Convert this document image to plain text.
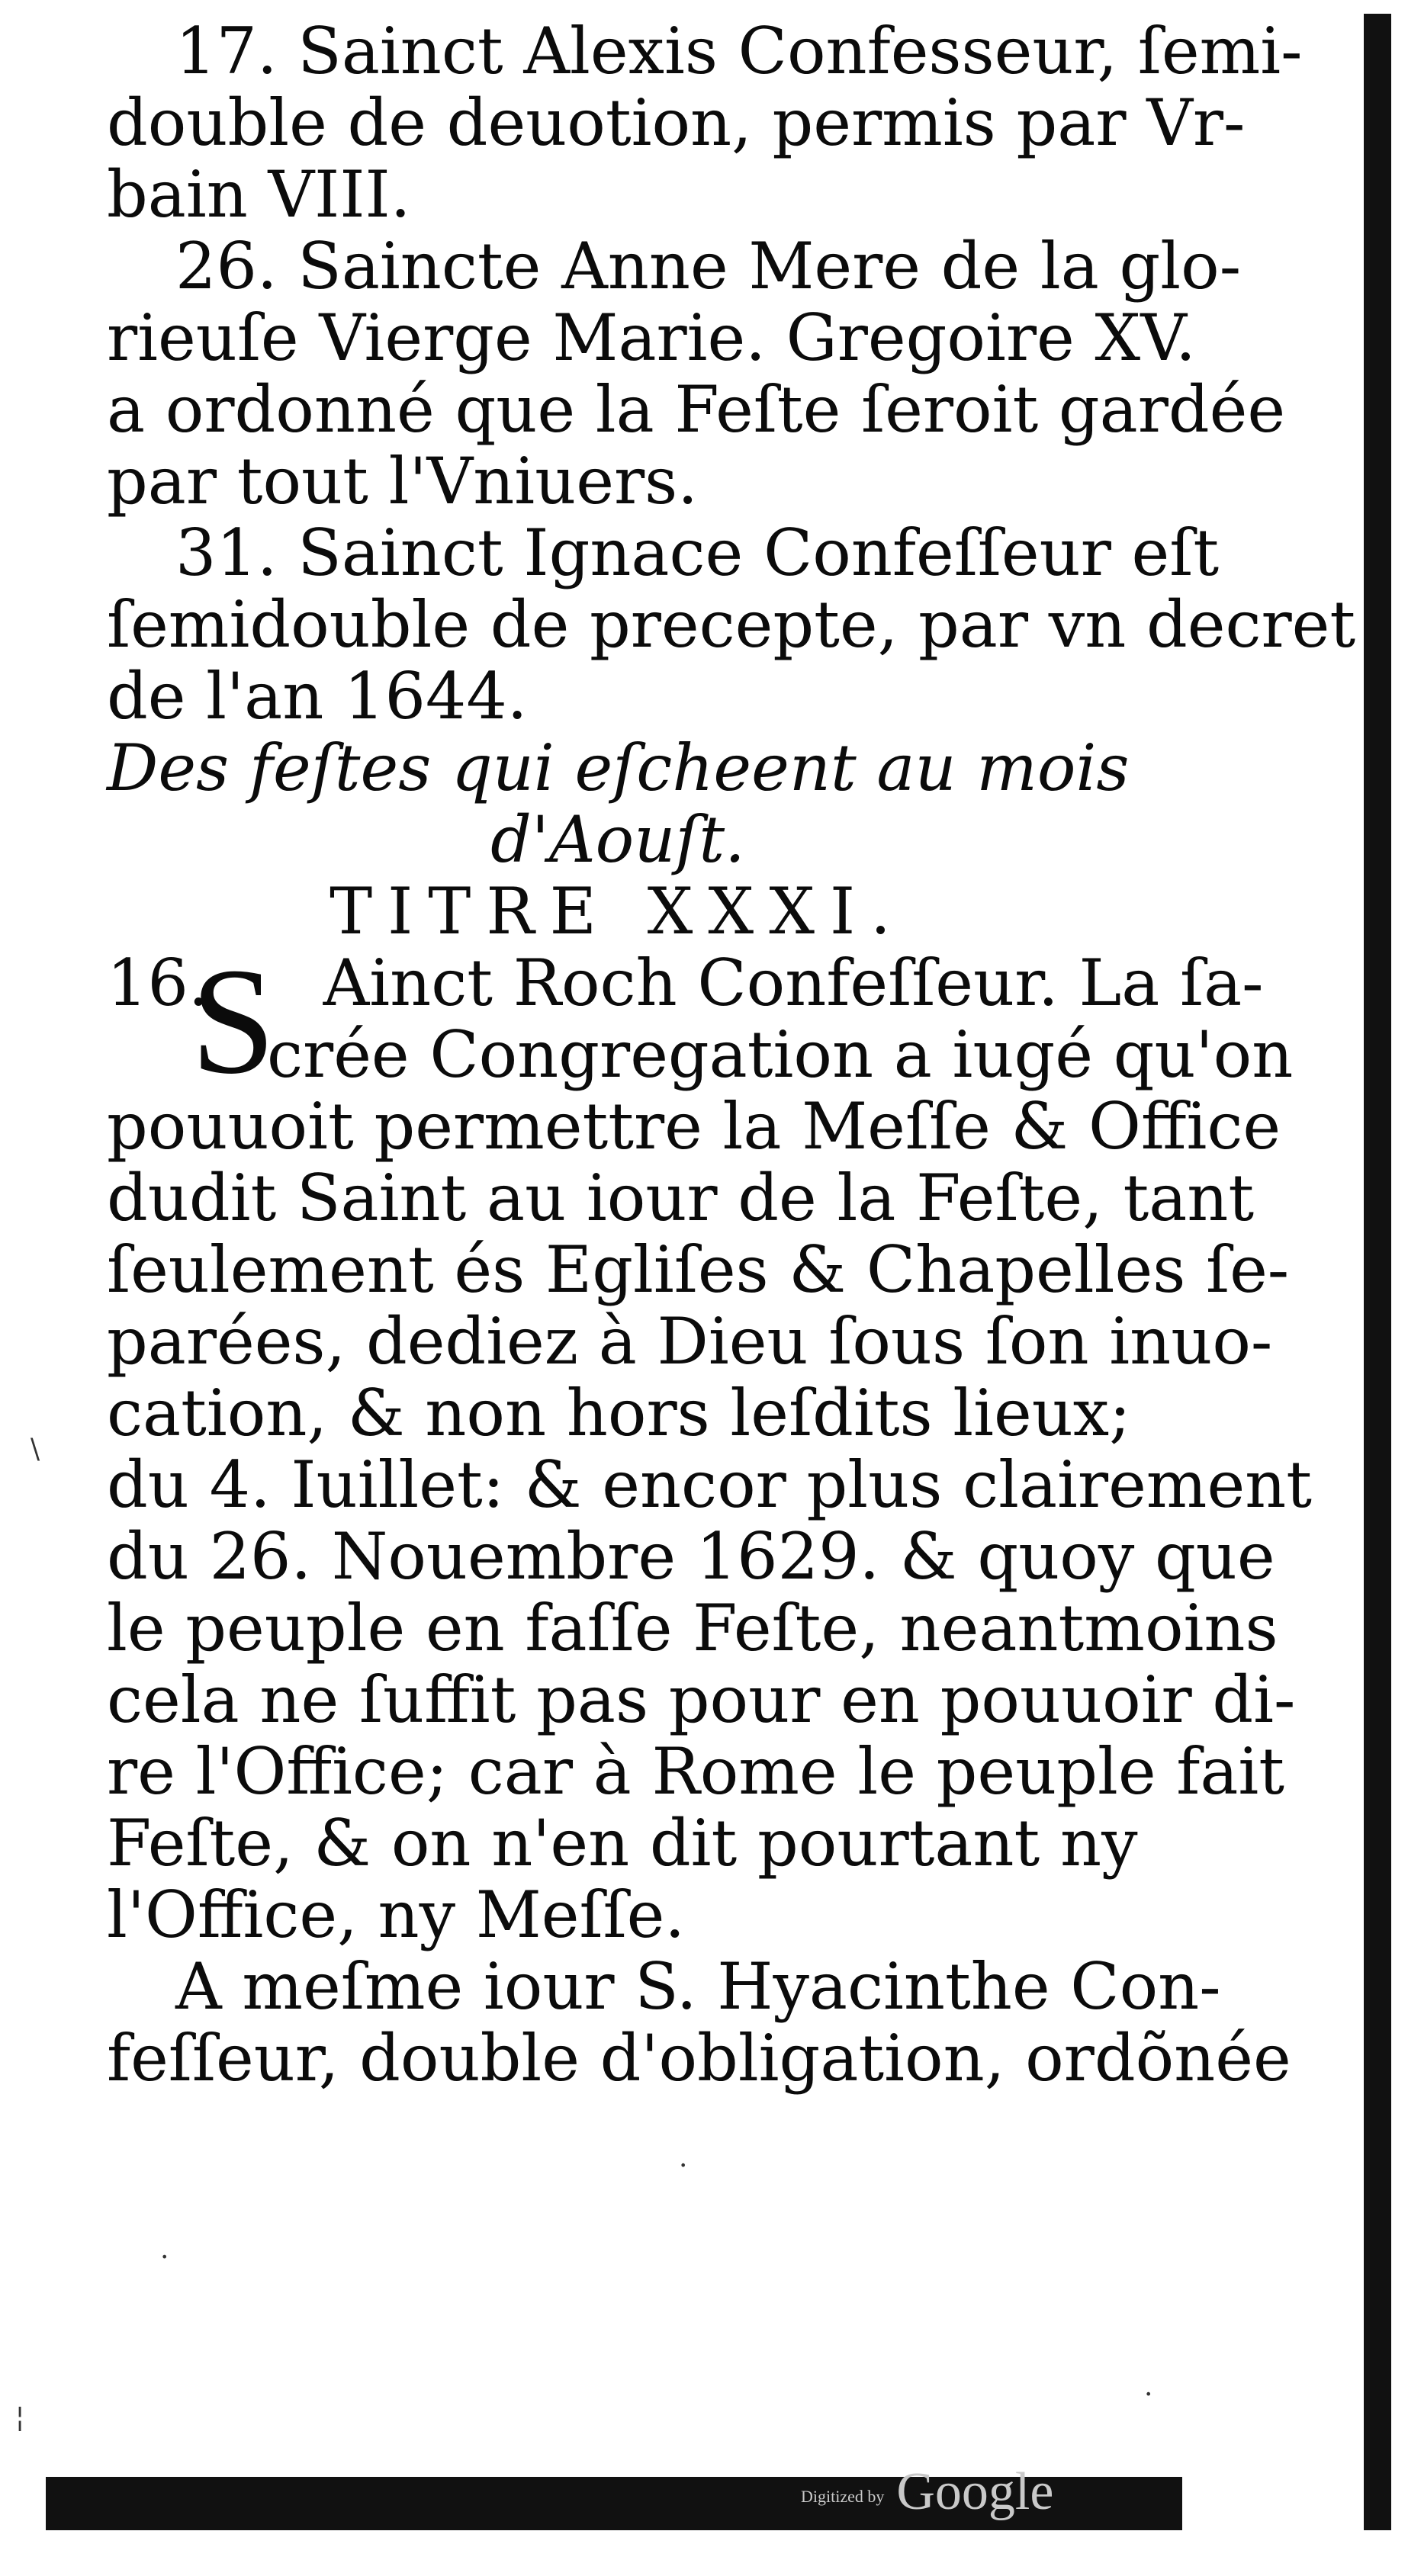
17. Sainct Alexis Confesseur, ſemi-
double de deuotion, permis par Vr-
bain VIII.
26. Saincte Anne Mere de la glo-
rieuſe Vierge Marie. Gregoire XV.
a ordonné que la Feſte ſeroit gardée
par tout l'Vniuers.
31. Sainct Ignace Confeſſeur eſt
ſemidouble de precepte, par vn decret
de l'an 1644.
Des feſtes qui eſcheent au mois
d'Aouſt.
TITRE XXXI.
S
16. Ainct Roch Confeſſeur. La ſa-
crée Congregation a iugé qu'on
pouuoit permettre la Meſſe & Office
dudit Saint au iour de la Feſte, tant
ſeulement és Egliſes & Chapelles ſe-
parées, dediez à Dieu ſous ſon inuo-
cation, & non hors leſdits lieux;
du 4. Iuillet: & encor plus clairement
du 26. Nouembre 1629. & quoy que
le peuple en faſſe Feſte, neantmoins
cela ne ſuffit pas pour en pouuoir di-
re l'Office; car à Rome le peuple fait
Feſte, & on n'en dit pourtant ny
l'Office, ny Meſſe.
A meſme iour S. Hyacinthe Con-
feſſeur, double d'obligation, ordõnée
\
·
·
¦
·
Digitized by Google
